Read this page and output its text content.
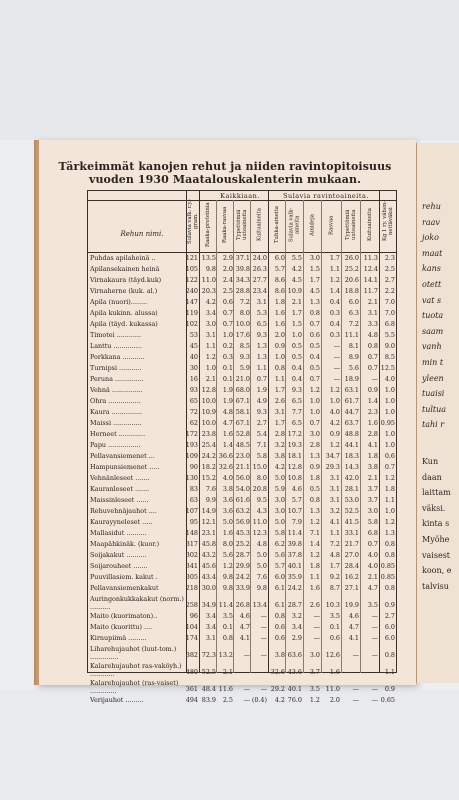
Tärkeimmät kanojen rehut ja niiden ravintopitoisuus vuoden 1930 Maatalouskalenterin mukaan.
Rehun nimi.
Kaikkiaan.	Sulavia ravintoaineita.
Sulavia valk. r.y.-gram.	Raaka-proteiinia	Raaka-rasvaa	Typettömiä uuteaineita	Kuituaineita	Tuhka-aineita	Sulavia valk-aineita	Amideja	Rasvaa	Typettömiä uuteaineita	Kuituaineita	Kg 1 ry. vähen-nettäväksi
Puhdas apilaheinä ..	121 13.5 2.9 37.1 24.0 6.0 5.5 3.0 1.7 26.0 11.3 2.3
Apilansekainen heinä	105 9.8 2.0 39.8 26.3 5.7 4.2 1.5 1.1 25.2 12.4 2.5
Virnakaura (täyd.kuk)	122 11.0 2.4 34.3 27.7 8.6 4.5 1.7 1.2 20.6 14.1 2.7
Virnaherne (kuk. al.)	240 20.3 2.5 28.8 23.4 8.6 10.9 4.5 1.4 18.8 11.7 2.2
Apila (nuori)........	147 4.2 0.6 7.2 3.1 1.8 2.1 1.3 0.4 6.0 2.1 7.0
Apila kukinn. alussa)	119 3.4 0.7 8.0 5.3 1.6 1.7 0.8 0.3 6.3 3.1 7.0
Apila (täyd. kukassa)	102 3.0 0.7 10.0 6.5 1.6 1.5 0.7 0.4 7.2 3.3 6.8
Timotei ............	53 3.1 1.0 17.6 9.3 2.0 1.0 0.6 0.3 11.1 4.8 5.5
Lanttu ..............	45 1.1 0.2 8.5 1.3 0.9 0.5 0.5 — 8.1 0.8 9.0
Porkkana ...........	40 1.2 0.3 9.3 1.3 1.0 0.5 0.4 — 8.9 0.7 8.5
Turnipsi ...........	30 1.0 0.1 5.9 1.1 0.8 0.4 0.5 — 5.6 0.7 12.5
Peruna ..............	16 2.1 0.1 21.0 0.7 1.1 0.4 0.7 — 18.9 — 4.0
Vehnä ...............	93 12.8 1.9 68.0 1.9 1.7 9.3 1.2 1.2 63.1 0.9 1.0
Ohra ................	65 10.0 1.9 67.1 4.9 2.6 6.5 1.0 1.0 61.7 1.4 1.0
Kaura ...............	72 10.9 4.8 58.1 9.3 3.1 7.7 1.0 4.0 44.7 2.3 1.0
Maissi ..............	62 10.0 4.7 67.1 2.7 1.7 6.5 0.7 4.2 63.7 1.6 0.95
Herneet .............	172 23.8 1.6 52.8 5.4 2.8 17.2 3.0 0.9 48.8 2.8 1.0
Papu ................	193 25.4 1.4 48.5 7.1 3.2 19.3 2.8 1.2 44.1 4.1 1.0
Pellavansiemenet ...	109 24.2 36.6 23.0 5.8 3.8 18.1 1.3 34.7 18.3 1.8 0.6
Hampunsiemenet .....	90 18.2 32.6 21.1 15.0 4.2 12.8 0.9 29.3 14.3 3.8 0.7
Vehnänleseet .......	130 15.2 4.0 56.0 8.0 5.0 10.8 1.8 3.1 42.0 2.1 1.2
Kauranleseet .......	83 7.6 3.8 54.0 20.8 5.9 4.6 0.5 3.1 28.1 3.7 1.8
Maissinleseet ......	63 9.9 3.6 61.6 9.5 3.0 5.7 0.8 3.1 53.0 3.7 1.1
Rehuvehnäjauhot ....	107 14.9 3.6 63.2 4.3 3.0 10.7 1.3 3.2 52.5 3.0 1.0
Kaurayyneleset .....	95 12.1 5.0 56.9 11.0 5.0 7.9 1.2 4.1 41.5 5.8 1.2
Mallasidut ..........	148 23.1 1.6 45.3 12.3 5.8 11.4 7.1 1.1 33.1 6.8 1.3
Maapähkinäk. (kuor.)	317 45.8 8.0 25.2 4.8 6.2 39.8 1.4 7.2 21.7 0.7 0.8
Soijakakut ..........	302 43.2 5.6 28.7 5.0 5.6 37.8 1.2 4.8 27.0 4.0 0.8
Soijarouheet .......	341 45.6 1.2 29.9 5.0 5.7 40.1 1.8 1.7 28.4 4.0 0.85
Puuvillasiem. kakut .	305 43.4 9.8 24.2 7.6 6.0 35.9 1.1 9.2 16.2 2.1 0.85
Pellavansiemenkakut	218 30.0 9.8 33.9 9.8 6.1 24.2 1.6 8.7 27.1 4.7 0.8
Auringonkukkakakut (norm.) ..........	258 34.9 11.4 26.8 13.4 6.1 28.7 2.6 10.3 19.9 3.5 0.9
Maito (kuorimaton)..	96 3.4 3.5 4.6 — 0.8 3.2 — 3.5 4.6 — 2.7
Maito (kuorittu) ....	104 3.4 0.1 4.7 — 0.6 3.4 — 0.1 4.7 — 6.0
Kirnupiimä .........	174 3.1 0.8 4.1 — 0.6 2.9 — 0.6 4.1 — 6.0
Liharehujauhot (luut-tom.) ..............	382 72.3 13.2 — — 3.8 63.6 3.0 12.6 — — 0.8
Kalarehujauhot ras-vaköyh.) ............	480 52.5 2.1 — — 32.6 43.6 3.7 1.6 — — 1.1
Kalarehujauhot (ras-vaiset) .............	361 48.4 11.6 — — 29.2 40.1 3.5 11.0 — — 0.9
Verijauhot .........	494 83.9 2.5 — (0.4) 4.2 76.0 1.2 2.0 — — 0.65
rehu
raav
joko
maat
kans
otett
vat s
tuota
saam
vanh
min t
yleen
tuaisi
tultua
tahi r
Kun
daan
laittam
väksi.
kinta s
Myöhe
vaisest
koon, e
talvisu
